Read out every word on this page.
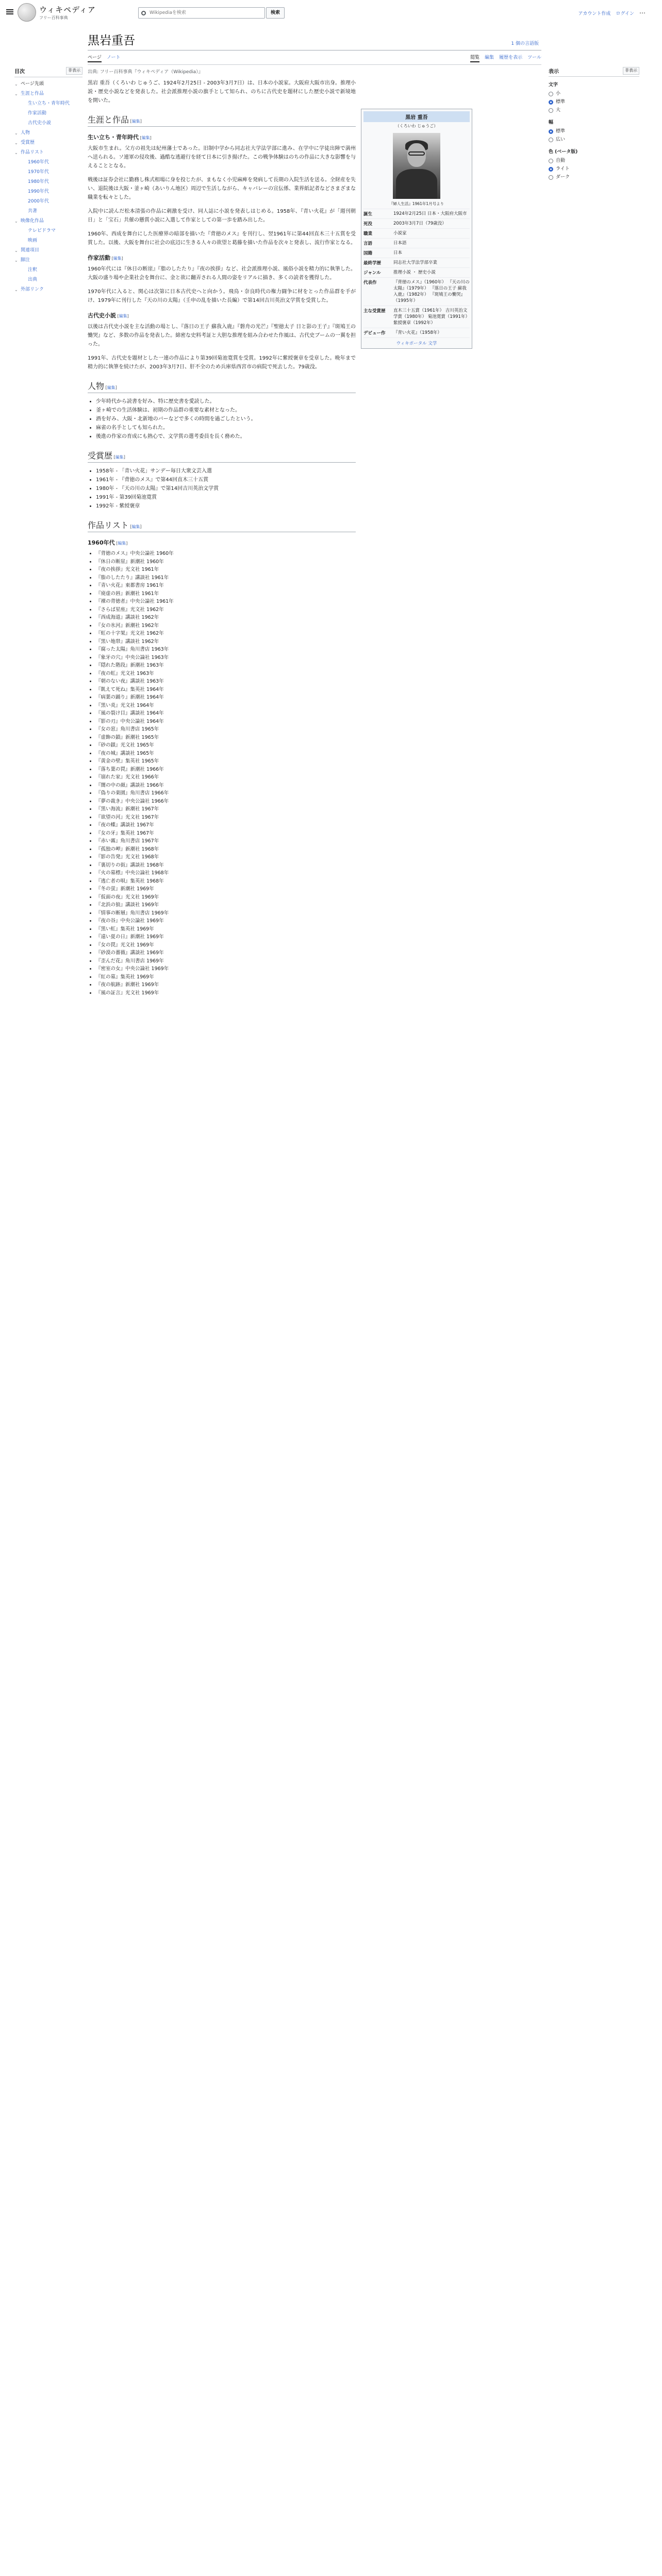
ウィキペディア
フリー百科事典
Wikipediaを検索
検索	アカウント作成 ログイン ⋯
目次	非表示
⌄ ページ先頭
⌄ 生涯と作品
生い立ち・青年時代
作家活動
古代史小説
⌄ 人物
⌄ 受賞歴
⌄ 作品リスト
1960年代
1970年代
1980年代
1990年代
2000年代
共著
⌄ 映像化作品
テレビドラマ
映画
⌄ 関連項目
⌄ 脚注
注釈
出典
⌄ 外部リンク
表示	非表示
文字
小
標準
大
幅
標準
広い
色 (ベータ版)
自動
ライト
ダーク
黒岩重吾	1 個の言語版
ページ ノート	閲覧 編集 履歴を表示 ツール
出典: フリー百科事典『ウィキペディア（Wikipedia）』
黒岩 重吾
（くろいわ じゅうご）
『婦人生活』1961年1月号より
誕生	1924年2月25日 日本・大阪府大阪市
死没	2003年3月7日（79歳没）
職業	小説家
言語	日本語
国籍	日本
最終学歴	同志社大学法学部卒業
ジャンル	推理小説 ・ 歴史小説
代表作	『背徳のメス』（1960年） 『天の川の太陽』（1979年） 『落日の王子 蘇我入鹿』（1982年） 『斑鳩王の慟哭』（1995年）
主な受賞歴	直木三十五賞（1961年） 吉川英治文学賞（1980年） 菊池寛賞（1991年） 紫綬褒章（1992年）
デビュー作	『青い火花』（1958年）
ウィキポータル 文学

黒岩 重吾（くろいわ じゅうご、1924年2月25日 - 2003年3月7日）は、日本の小説家。大阪府大阪市出身。推理小説・歴史小説などを発表した。社会派推理小説の旗手として知られ、のちに古代史を題材にした歴史小説で新境地を開いた。

生涯と作品 [編集]
生い立ち・青年時代 [編集]

大阪市生まれ。父方の祖先は紀州藩士であった。旧制中学から同志社大学法学部に進み、在学中に学徒出陣で満州へ送られる。ソ連軍の侵攻後、過酷な逃避行を経て日本に引き揚げた。この戦争体験はのちの作品に大きな影響を与えることとなる。

戦後は証券会社に勤務し株式相場に身を投じたが、まもなく小児麻痺を発病して長期の入院生活を送る。全財産を失い、退院後は大阪・釜ヶ崎（あいりん地区）周辺で生活しながら、キャバレーの宣伝係、業界紙記者などさまざまな職業を転々とした。

入院中に読んだ松本清張の作品に刺激を受け、同人誌に小説を発表しはじめる。1958年、『青い火花』が「週刊朝日」と「宝石」共催の懸賞小説に入選して作家としての第一歩を踏み出した。

1960年、西成を舞台にした医療界の暗部を描いた『背徳のメス』を刊行し、翌1961年に第44回直木三十五賞を受賞した。以後、大阪を舞台に社会の底辺に生きる人々の欲望と葛藤を描いた作品を次々と発表し、流行作家となる。

作家活動 [編集]

1960年代には『休日の断崖』『脂のしたたり』『夜の挨拶』など、社会派推理小説、風俗小説を精力的に執筆した。大阪の盛り場や企業社会を舞台に、金と欲に翻弄される人間の姿をリアルに描き、多くの読者を獲得した。

1970年代に入ると、関心は次第に日本古代史へと向かう。飛鳥・奈良時代の権力闘争に材をとった作品群を手がけ、1979年に刊行した『天の川の太陽』（壬申の乱を描いた長編）で第14回吉川英治文学賞を受賞した。

古代史小説 [編集]

以後は古代史小説を主な活動の場とし、『落日の王子 蘇我入鹿』『磐舟の光芒』『聖徳太子 日と影の王子』『斑鳩王の慟哭』など、多数の作品を発表した。綿密な史料考証と大胆な推理を組み合わせた作風は、古代史ブームの一翼を担った。

1991年、古代史を題材とした一連の作品により第39回菊池寛賞を受賞。1992年に紫綬褒章を受章した。晩年まで精力的に執筆を続けたが、2003年3月7日、肝不全のため兵庫県西宮市の病院で死去した。79歳没。

人物 [編集]
• 少年時代から読書を好み、特に歴史書を愛読した。
• 釜ヶ崎での生活体験は、初期の作品群の重要な素材となった。
• 酒を好み、大阪・北新地のバーなどで多くの時間を過ごしたという。
• 麻雀の名手としても知られた。
• 後進の作家の育成にも熱心で、文学賞の選考委員を長く務めた。
受賞歴 [編集]
• 1958年 - 「青い火花」サンデー毎日大衆文芸入選
• 1961年 - 『背徳のメス』で第44回直木三十五賞
• 1980年 - 『天の川の太陽』で第14回吉川英治文学賞
• 1991年 - 第39回菊池寛賞
• 1992年 - 紫綬褒章
作品リスト [編集]
1960年代 [編集]
• 『背徳のメス』中央公論社 1960年
• 『休日の断崖』新潮社 1960年
• 『夜の挨拶』光文社 1961年
• 『脂のしたたり』講談社 1961年
• 『青い火花』東都書房 1961年
• 『廃虚の唇』新潮社 1961年
• 『裸の背徳者』中央公論社 1961年
• 『さらば星座』光文社 1962年
• 『西成海道』講談社 1962年
• 『女の氷河』新潮社 1962年
• 『虹の十字架』光文社 1962年
• 『黒い地帯』講談社 1962年
• 『腐った太陽』角川書店 1963年
• 『象牙の穴』中央公論社 1963年
• 『隠れた階段』新潮社 1963年
• 『夜の虹』光文社 1963年
• 『朝のない夜』講談社 1963年
• 『飢えて死ね』集英社 1964年
• 『病葉の踊り』新潮社 1964年
• 『黒い炎』光文社 1964年
• 『風の裂け目』講談社 1964年
• 『影の刃』中央公論社 1964年
• 『女の窓』角川書店 1965年
• 『虚飾の鎖』新潮社 1965年
• 『砂の鎖』光文社 1965年
• 『夜の城』講談社 1965年
• 『黄金の壁』集英社 1965年
• 『落ち葉の罠』新潮社 1966年
• 『崩れた家』光文社 1966年
• 『闇の中の顔』講談社 1966年
• 『偽りの楽園』角川書店 1966年
• 『夢の裁き』中央公論社 1966年
• 『黒い海流』新潮社 1967年
• 『欲望の河』光文社 1967年
• 『夜の蝶』講談社 1967年
• 『女の牙』集英社 1967年
• 『赤い霧』角川書店 1967年
• 『孤独の岬』新潮社 1968年
• 『影の告発』光文社 1968年
• 『裏切りの街』講談社 1968年
• 『火の墓標』中央公論社 1968年
• 『逃亡者の唄』集英社 1968年
• 『冬の蛍』新潮社 1969年
• 『仮面の夜』光文社 1969年
• 『北浜の狼』講談社 1969年
• 『情事の断層』角川書店 1969年
• 『夜の谷』中央公論社 1969年
• 『黒い虹』集英社 1969年
• 『遠い夏の日』新潮社 1969年
• 『女の罠』光文社 1969年
• 『砂漠の薔薇』講談社 1969年
• 『歪んだ花』角川書店 1969年
• 『密室の女』中央公論社 1969年
• 『紅の墓』集英社 1969年
• 『夜の航跡』新潮社 1969年
• 『風の証言』光文社 1969年
